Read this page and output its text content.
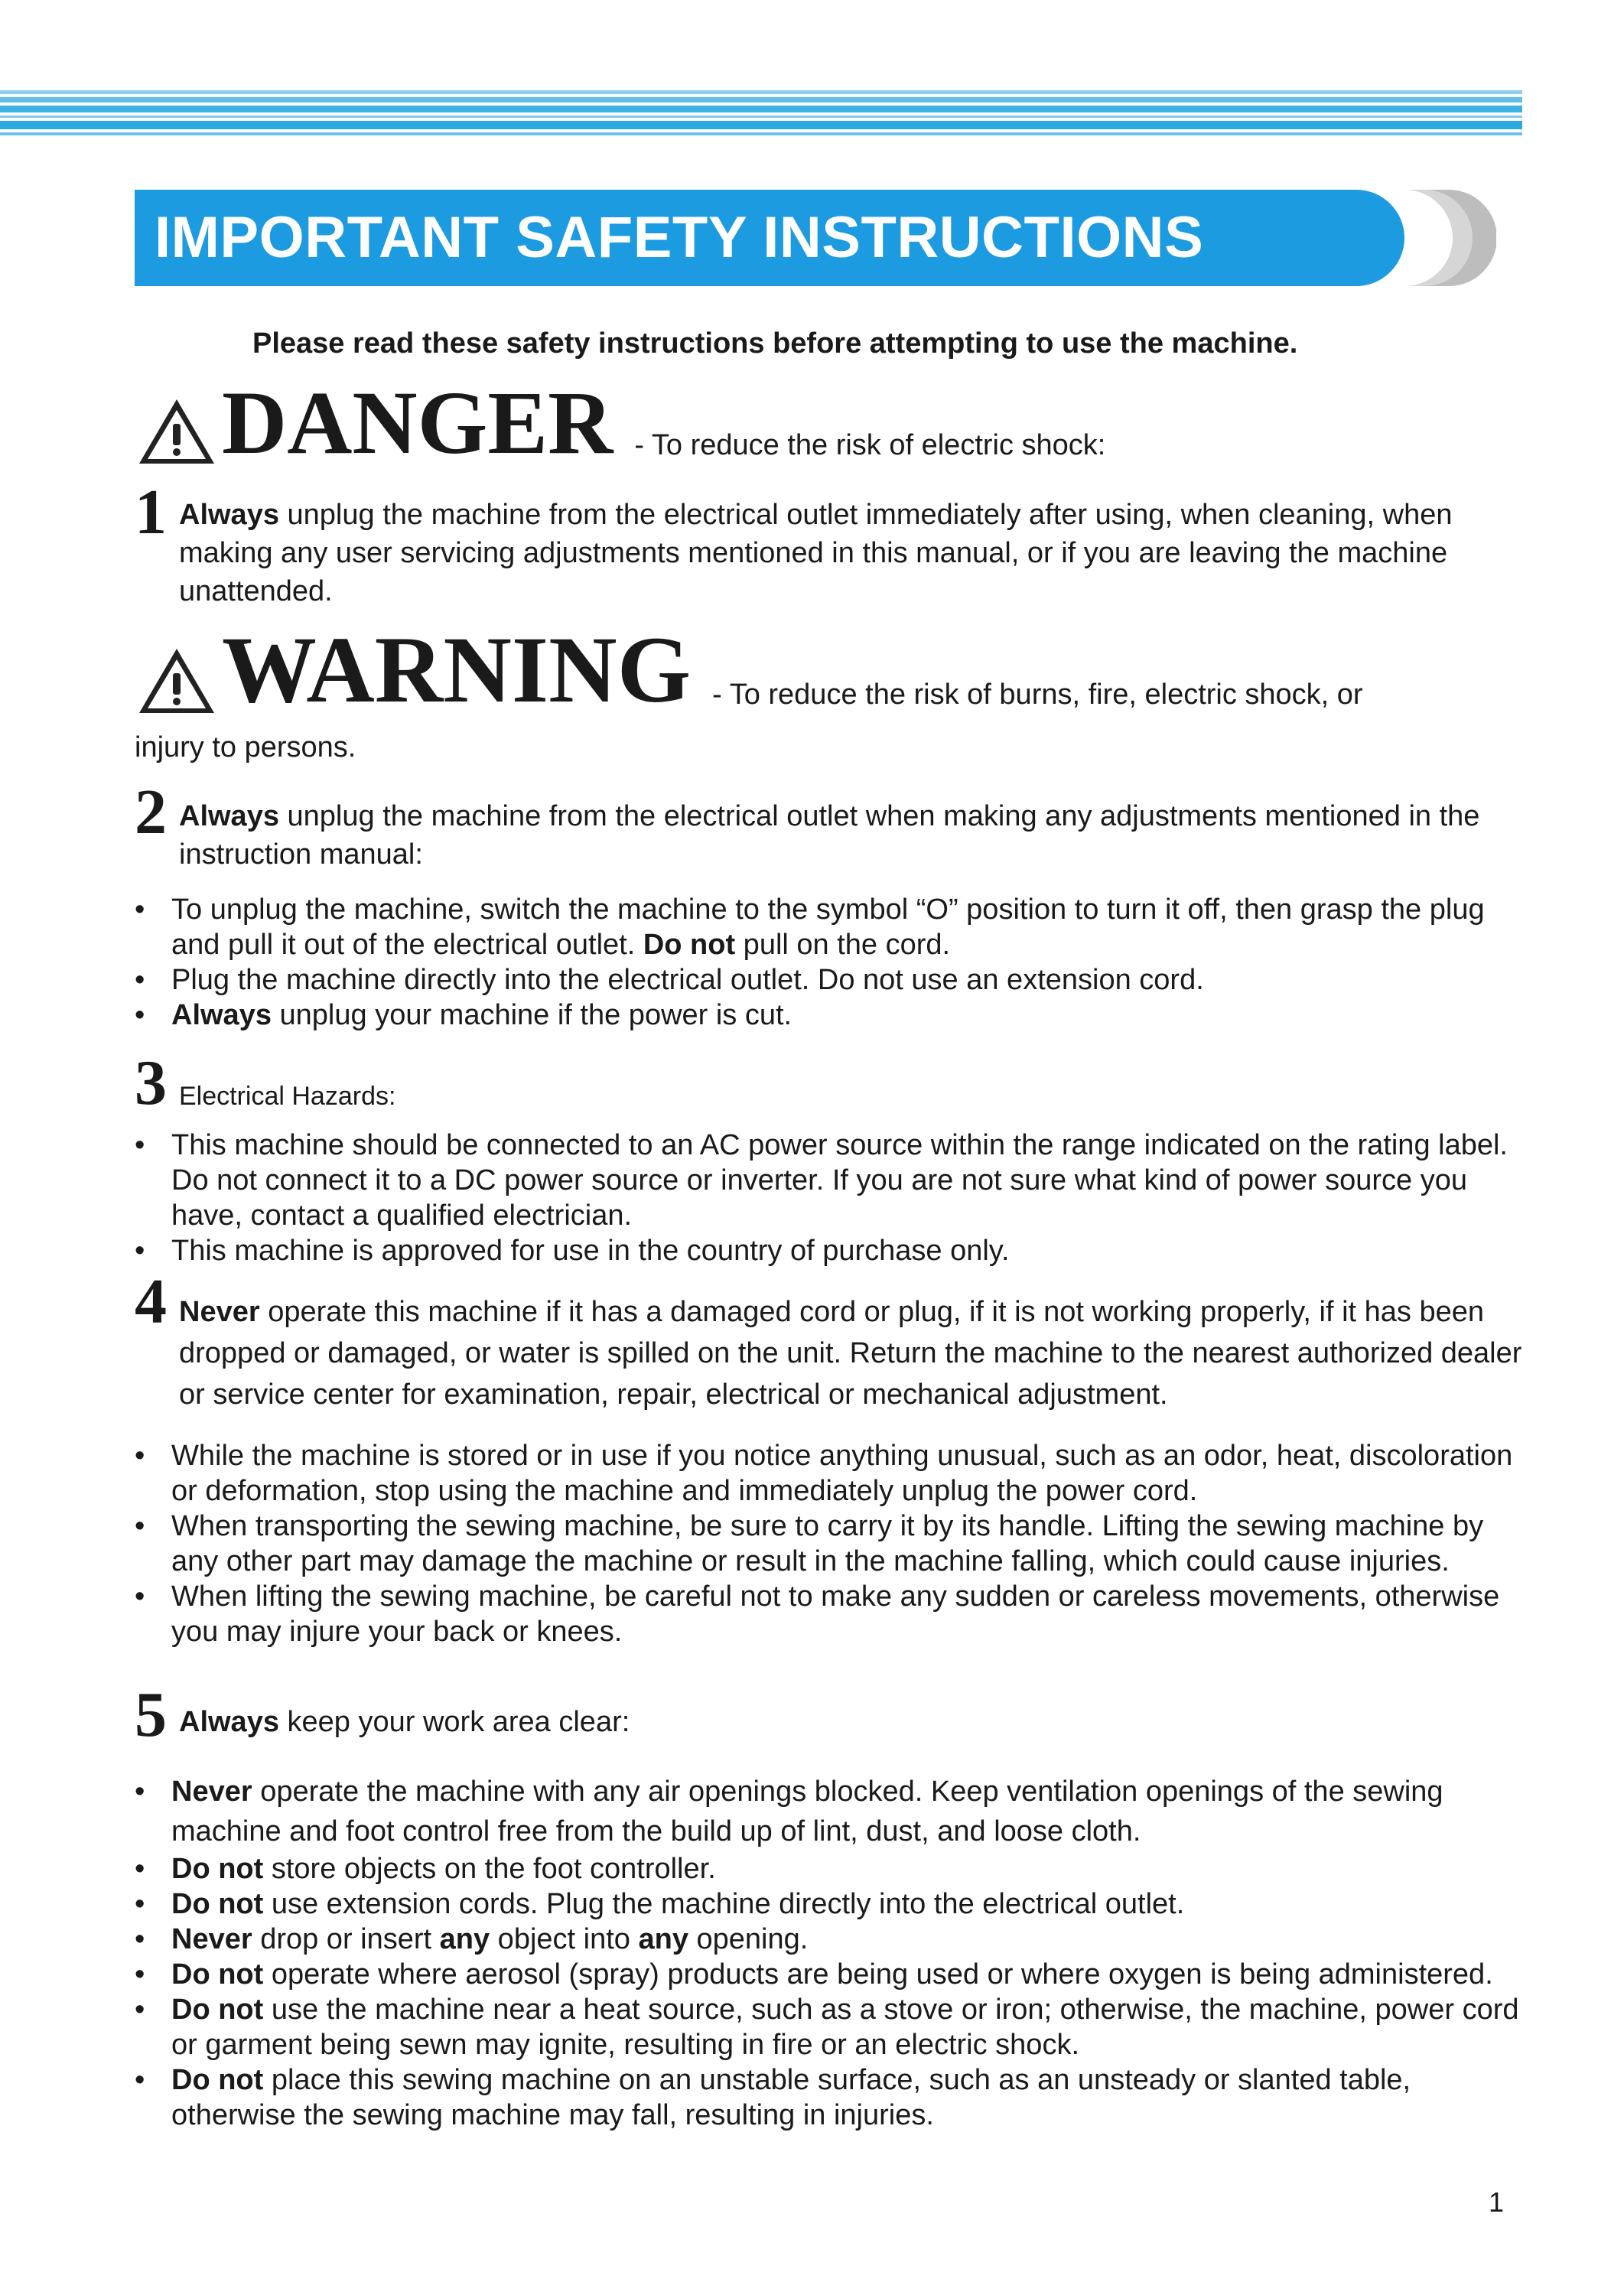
IMPORTANT SAFETY INSTRUCTIONS
Please read these safety instructions before attempting to use the machine.
DANGER - To reduce the risk of electric shock:
1 Always unplug the machine from the electrical outlet immediately after using, when cleaning, when making any user servicing adjustments mentioned in this manual, or if you are leaving the machine unattended.
WARNING - To reduce the risk of burns, fire, electric shock, or
injury to persons.
2 Always unplug the machine from the electrical outlet when making any adjustments mentioned in the instruction manual:
• To unplug the machine, switch the machine to the symbol “O” position to turn it off, then grasp the plug and pull it out of the electrical outlet. Do not pull on the cord.
• Plug the machine directly into the electrical outlet. Do not use an extension cord.
• Always unplug your machine if the power is cut.
3 Electrical Hazards:
• This machine should be connected to an AC power source within the range indicated on the rating label. Do not connect it to a DC power source or inverter. If you are not sure what kind of power source you have, contact a qualified electrician.
• This machine is approved for use in the country of purchase only.
4 Never operate this machine if it has a damaged cord or plug, if it is not working properly, if it has been dropped or damaged, or water is spilled on the unit. Return the machine to the nearest authorized dealer or service center for examination, repair, electrical or mechanical adjustment.
• While the machine is stored or in use if you notice anything unusual, such as an odor, heat, discoloration or deformation, stop using the machine and immediately unplug the power cord.
• When transporting the sewing machine, be sure to carry it by its handle. Lifting the sewing machine by any other part may damage the machine or result in the machine falling, which could cause injuries.
• When lifting the sewing machine, be careful not to make any sudden or careless movements, otherwise you may injure your back or knees.
5 Always keep your work area clear:
• Never operate the machine with any air openings blocked. Keep ventilation openings of the sewing machine and foot control free from the build up of lint, dust, and loose cloth.
• Do not store objects on the foot controller.
• Do not use extension cords. Plug the machine directly into the electrical outlet.
• Never drop or insert any object into any opening.
• Do not operate where aerosol (spray) products are being used or where oxygen is being administered.
• Do not use the machine near a heat source, such as a stove or iron; otherwise, the machine, power cord or garment being sewn may ignite, resulting in fire or an electric shock.
• Do not place this sewing machine on an unstable surface, such as an unsteady or slanted table, otherwise the sewing machine may fall, resulting in injuries.
1
